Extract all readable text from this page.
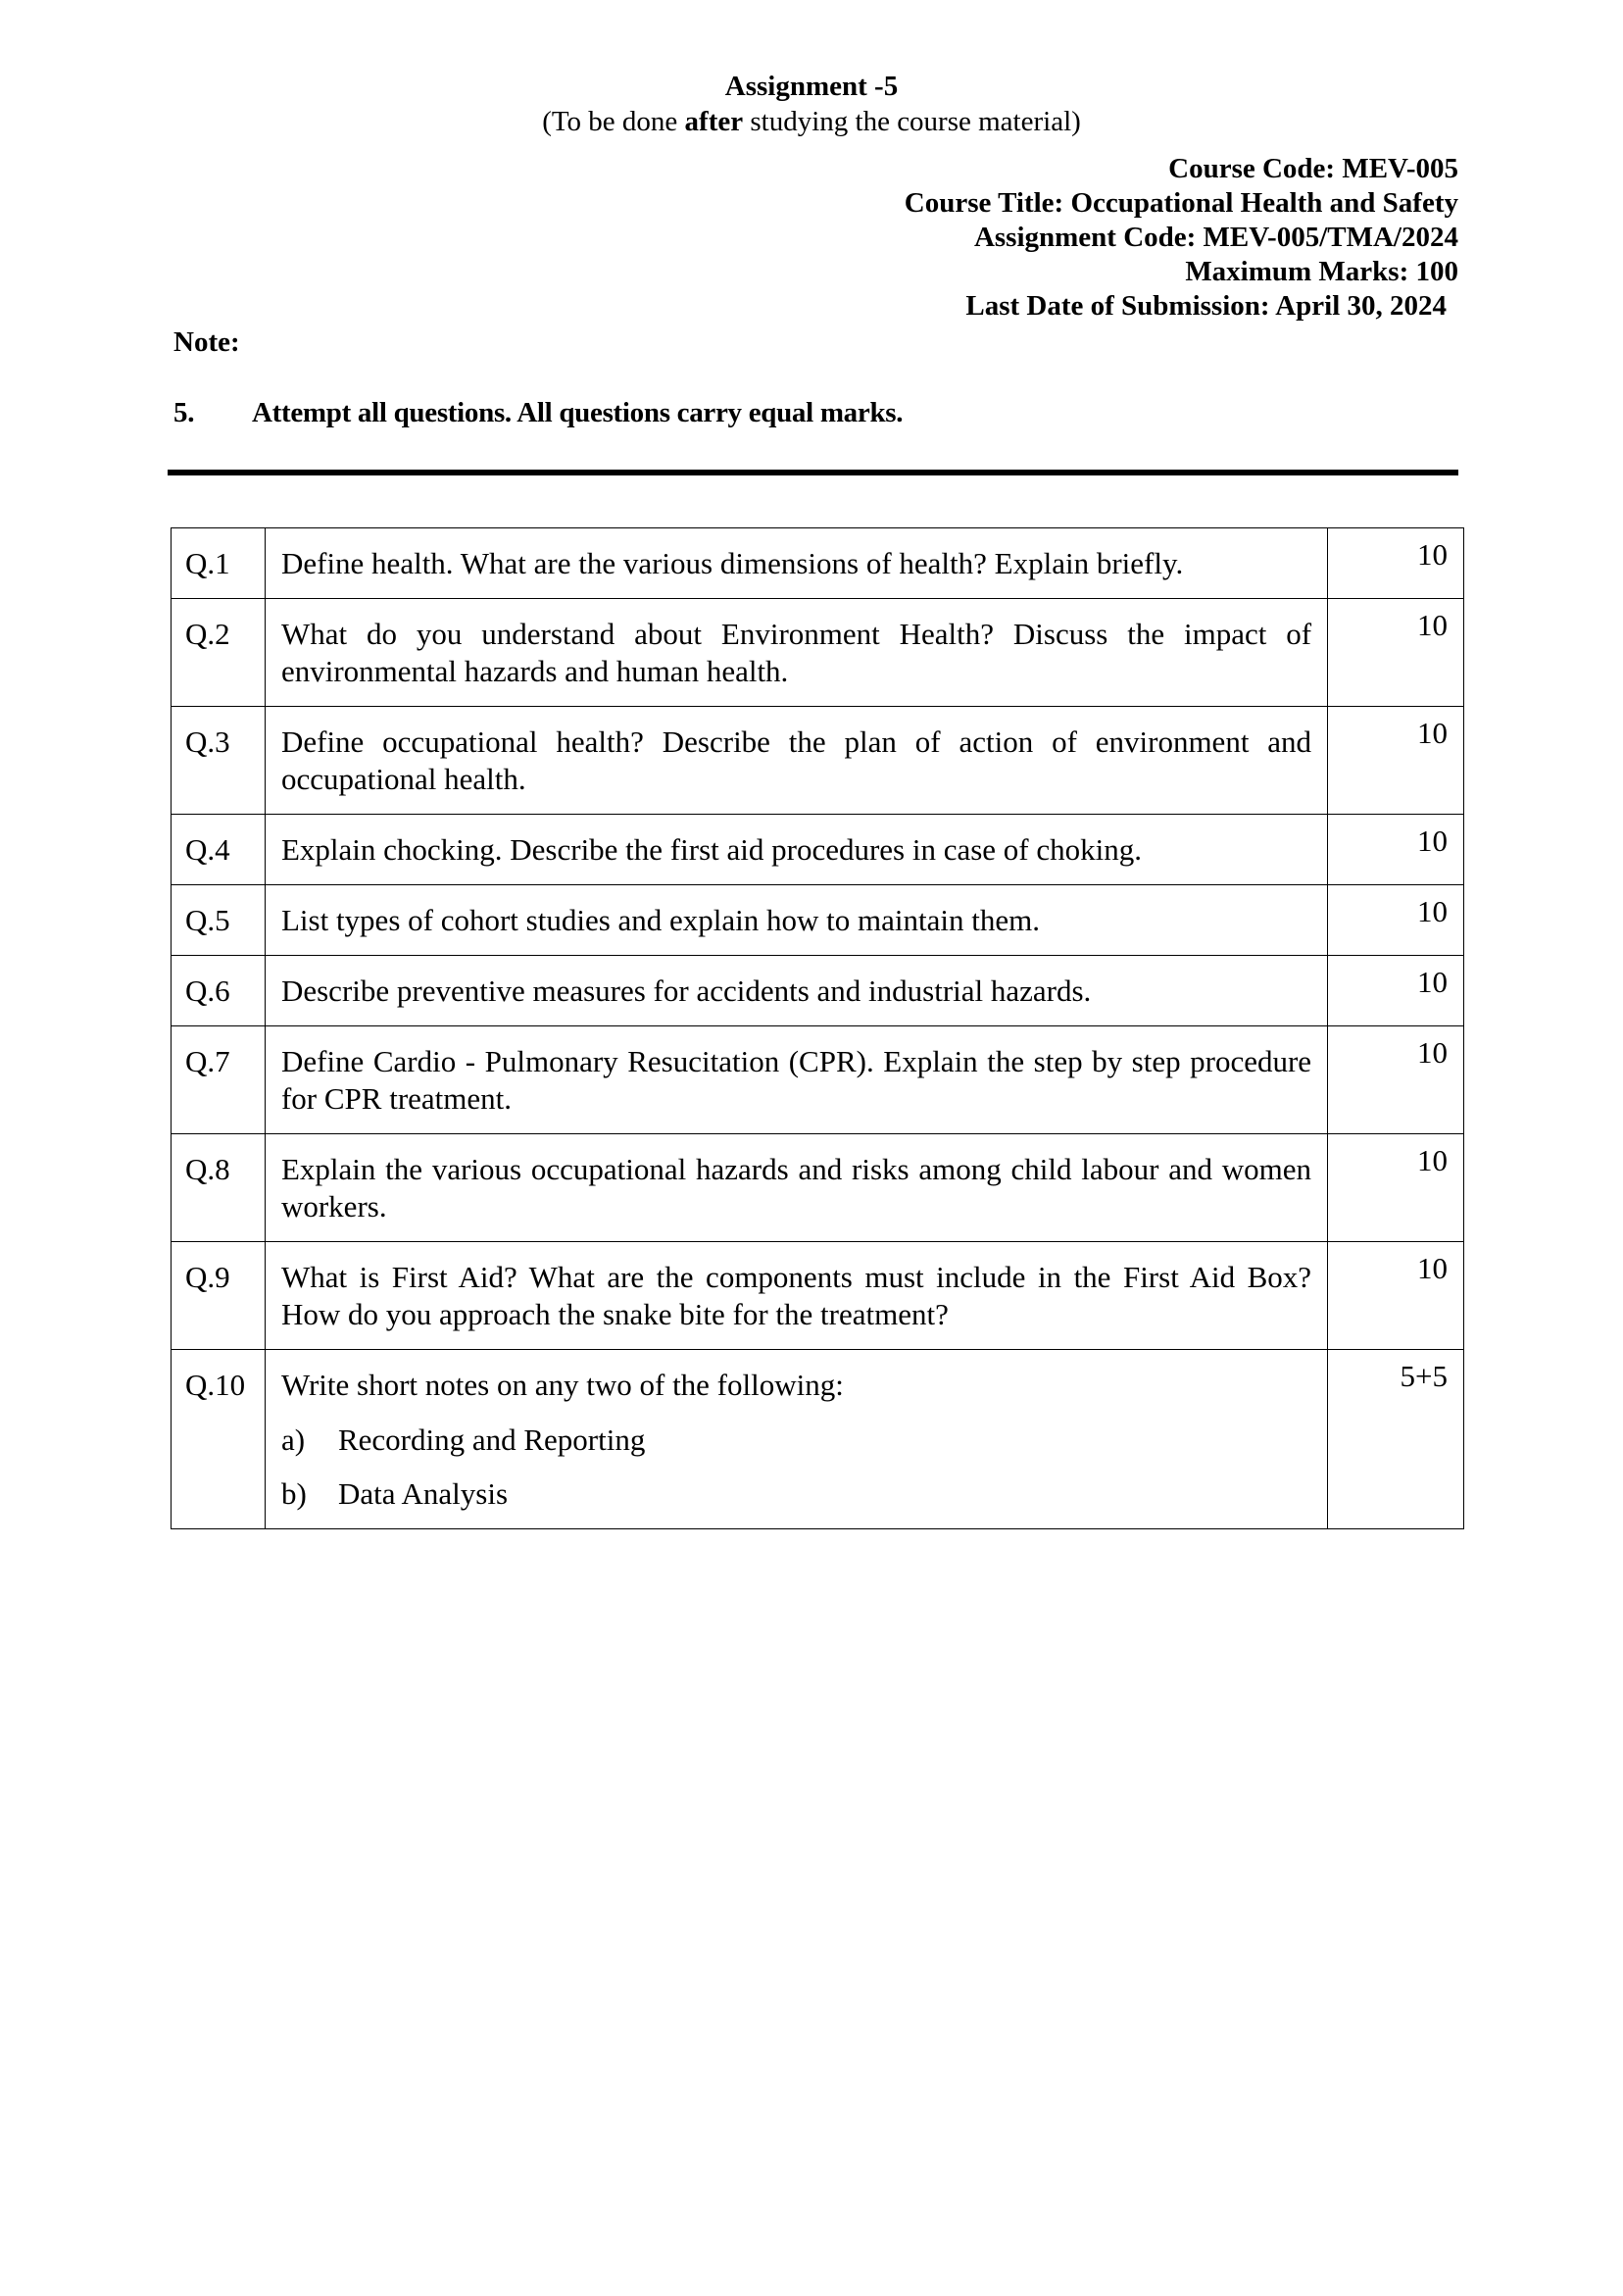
Assignment -5
(To be done after studying the course material)
Course Code: MEV-005
Course Title: Occupational Health and Safety
Assignment Code: MEV-005/TMA/2024
Maximum Marks: 100
Last Date of Submission: April 30, 2024
Note:
5. Attempt all questions. All questions carry equal marks.
Q.1	Define health. What are the various dimensions of health? Explain briefly.	10
Q.2	What do you understand about Environment Health? Discuss the impact of environmental hazards and human health.	10
Q.3	Define occupational health? Describe the plan of action of environment and occupational health.	10
Q.4	Explain chocking. Describe the first aid procedures in case of choking.	10
Q.5	List types of cohort studies and explain how to maintain them.	10
Q.6	Describe preventive measures for accidents and industrial hazards.	10
Q.7	Define Cardio - Pulmonary Resucitation (CPR). Explain the step by step procedure for CPR treatment.	10
Q.8	Explain the various occupational hazards and risks among child labour and women workers.	10
Q.9	What is First Aid? What are the components must include in the First Aid Box? How do you approach the snake bite for the treatment?	10
Q.10	Write short notes on any two of the following:
a) Recording and Reporting
b) Data Analysis	5+5
